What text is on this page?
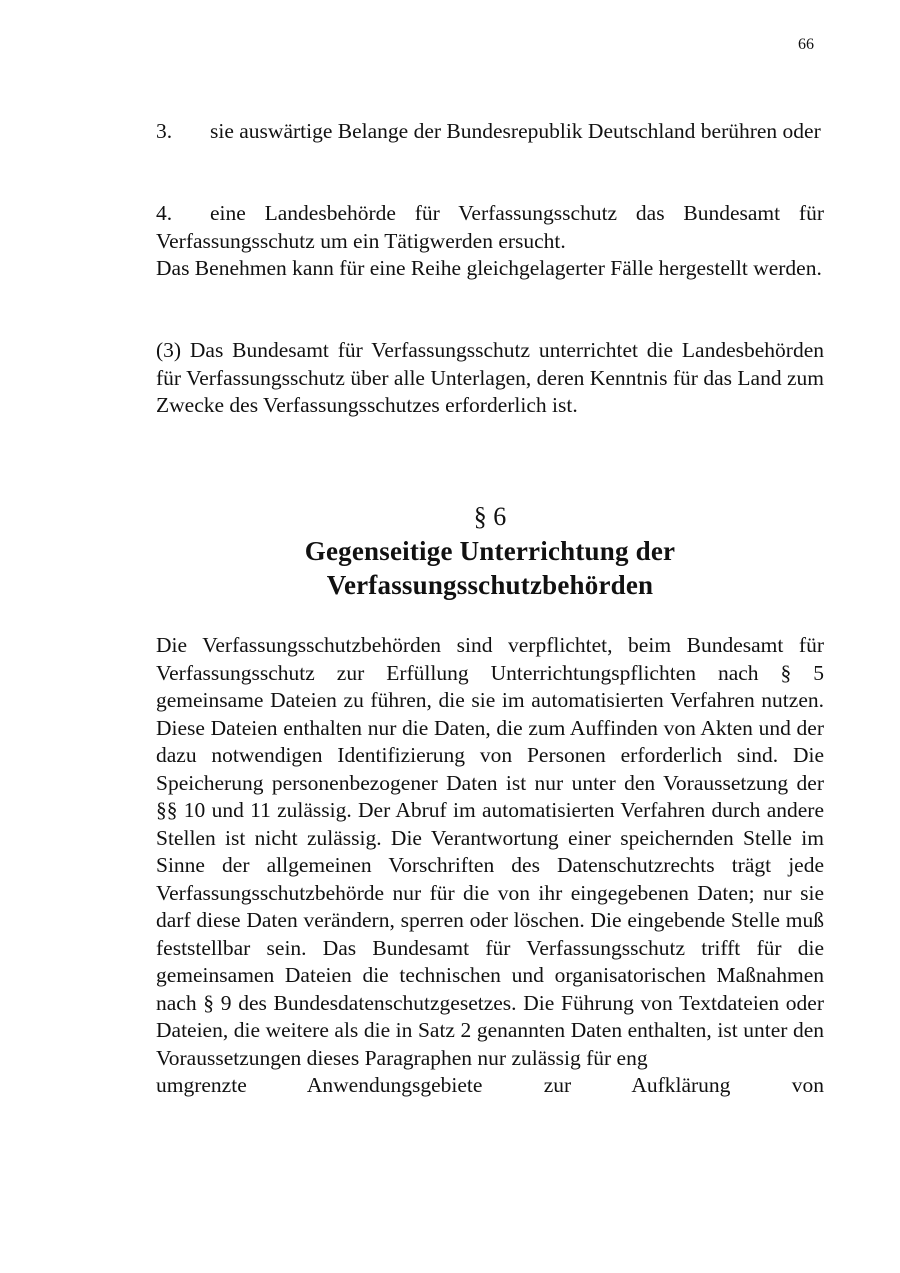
66
3. sie auswärtige Belange der Bundesrepublik Deutschland berühren oder
4. eine Landesbehörde für Verfassungsschutz das Bundesamt für Verfassungsschutz um ein Tätigwerden ersucht.
Das Benehmen kann für eine Reihe gleichgelagerter Fälle hergestellt werden.
(3) Das Bundesamt für Verfassungsschutz unterrichtet die Landesbehörden für Verfassungsschutz über alle Unterlagen, deren Kenntnis für das Land zum Zwecke des Verfassungsschutzes erforderlich ist.
§ 6
Gegenseitige Unterrichtung der
Verfassungsschutzbehörden
Die Verfassungsschutzbehörden sind verpflichtet, beim Bundesamt für Verfassungsschutz zur Erfüllung Unterrichtungspflichten nach § 5 gemeinsame Dateien zu führen, die sie im automatisierten Verfahren nutzen. Diese Dateien enthalten nur die Daten, die zum Auffinden von Akten und der dazu notwendigen Identifizierung von Personen erforderlich sind. Die Speicherung personenbezogener Daten ist nur unter den Voraussetzung der §§ 10 und 11 zulässig. Der Abruf im automatisierten Verfahren durch andere Stellen ist nicht zulässig. Die Verantwortung einer speichernden Stelle im Sinne der allgemeinen Vorschriften des Datenschutzrechts trägt jede Verfassungsschutzbehörde nur für die von ihr eingegebenen Daten; nur sie darf diese Daten verändern, sperren oder löschen. Die eingebende Stelle muß feststellbar sein. Das Bundesamt für Verfassungsschutz trifft für die gemeinsamen Dateien die technischen und organisatorischen Maßnahmen nach § 9 des Bundesdatenschutzgesetzes. Die Führung von Textdateien oder Dateien, die weitere als die in Satz 2 genannten Daten enthalten, ist unter den Voraussetzungen dieses Paragraphen nur zulässig für eng
umgrenzte Anwendungsgebiete zur Aufklärung von
